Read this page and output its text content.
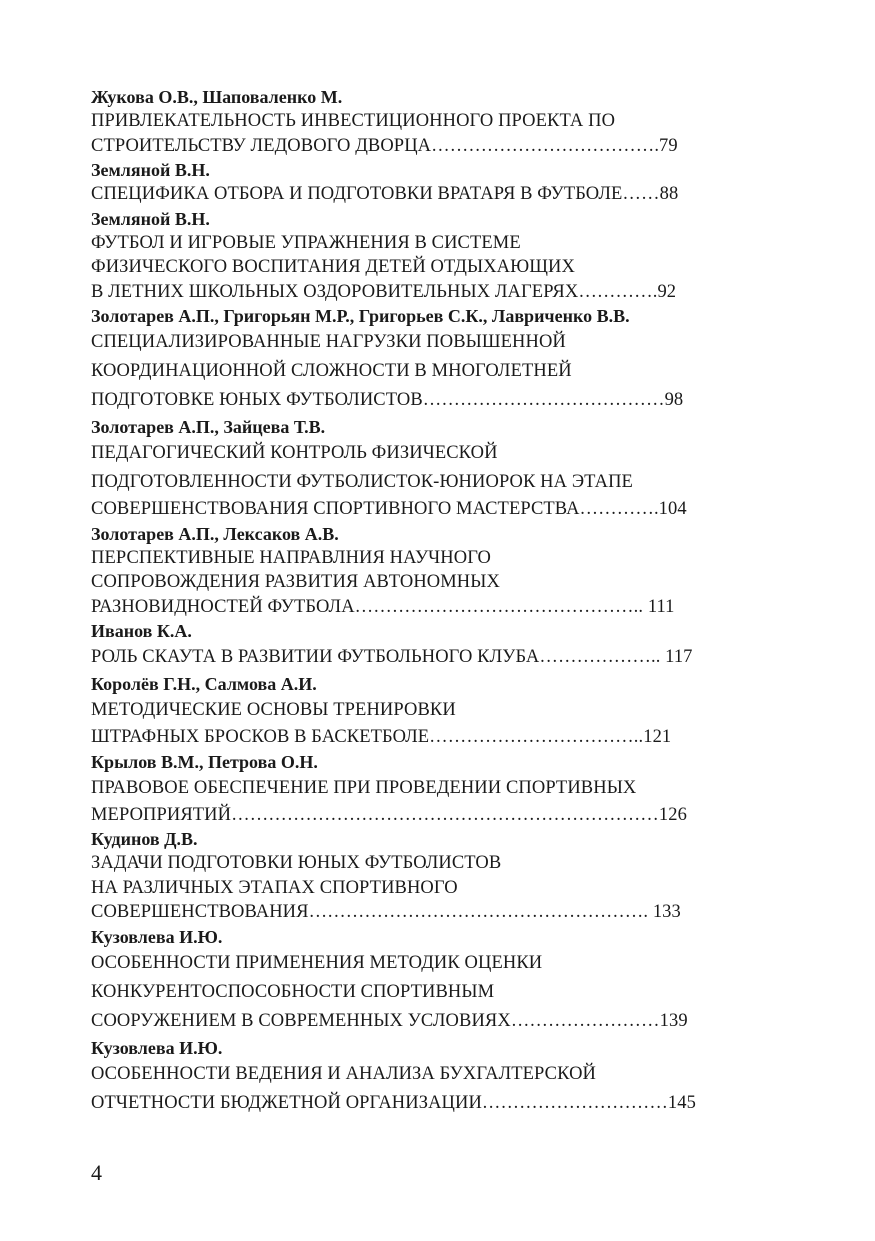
Жукова О.В., Шаповаленко М.
ПРИВЛЕКАТЕЛЬНОСТЬ ИНВЕСТИЦИОННОГО ПРОЕКТА ПО
СТРОИТЕЛЬСТВУ ЛЕДОВОГО ДВОРЦА……………………………….79
Земляной В.Н.
СПЕЦИФИКА ОТБОРА И ПОДГОТОВКИ ВРАТАРЯ В ФУТБОЛЕ……88
Земляной В.Н.
ФУТБОЛ И ИГРОВЫЕ УПРАЖНЕНИЯ В СИСТЕМЕ
ФИЗИЧЕСКОГО ВОСПИТАНИЯ ДЕТЕЙ ОТДЫХАЮЩИХ
В ЛЕТНИХ ШКОЛЬНЫХ ОЗДОРОВИТЕЛЬНЫХ ЛАГЕРЯХ………….92
Золотарев А.П., Григорьян М.Р., Григорьев С.К., Лавриченко В.В.
СПЕЦИАЛИЗИРОВАННЫЕ НАГРУЗКИ ПОВЫШЕННОЙ
КООРДИНАЦИОННОЙ СЛОЖНОСТИ В МНОГОЛЕТНЕЙ
ПОДГОТОВКЕ ЮНЫХ ФУТБОЛИСТОВ…………………………………98
Золотарев А.П., Зайцева Т.В.
ПЕДАГОГИЧЕСКИЙ КОНТРОЛЬ ФИЗИЧЕСКОЙ
ПОДГОТОВЛЕННОСТИ ФУТБОЛИСТОК-ЮНИОРОК НА ЭТАПЕ
СОВЕРШЕНСТВОВАНИЯ СПОРТИВНОГО МАСТЕРСТВА………….104
Золотарев А.П., Лексаков А.В.
ПЕРСПЕКТИВНЫЕ НАПРАВЛНИЯ НАУЧНОГО
СОПРОВОЖДЕНИЯ РАЗВИТИЯ АВТОНОМНЫХ
РАЗНОВИДНОСТЕЙ ФУТБОЛА……………………………………….. 111
Иванов К.А.
РОЛЬ СКАУТА В РАЗВИТИИ ФУТБОЛЬНОГО КЛУБА……………….. 117
Королёв Г.Н., Салмова А.И.
МЕТОДИЧЕСКИЕ ОСНОВЫ ТРЕНИРОВКИ
ШТРАФНЫХ БРОСКОВ В БАСКЕТБОЛЕ……………………………..121
Крылов В.М., Петрова О.Н.
ПРАВОВОЕ ОБЕСПЕЧЕНИЕ ПРИ ПРОВЕДЕНИИ СПОРТИВНЫХ
МЕРОПРИЯТИЙ……………………………………………………………126
Кудинов Д.В.
ЗАДАЧИ ПОДГОТОВКИ ЮНЫХ ФУТБОЛИСТОВ
НА РАЗЛИЧНЫХ ЭТАПАХ СПОРТИВНОГО
СОВЕРШЕНСТВОВАНИЯ………………………………………………. 133
Кузовлева И.Ю.
ОСОБЕННОСТИ ПРИМЕНЕНИЯ МЕТОДИК ОЦЕНКИ
КОНКУРЕНТОСПОСОБНОСТИ СПОРТИВНЫМ
СООРУЖЕНИЕМ В СОВРЕМЕННЫХ УСЛОВИЯХ……………………139
Кузовлева И.Ю.
ОСОБЕННОСТИ ВЕДЕНИЯ И АНАЛИЗА БУХГАЛТЕРСКОЙ
ОТЧЕТНОСТИ БЮДЖЕТНОЙ ОРГАНИЗАЦИИ…………………………145
4
